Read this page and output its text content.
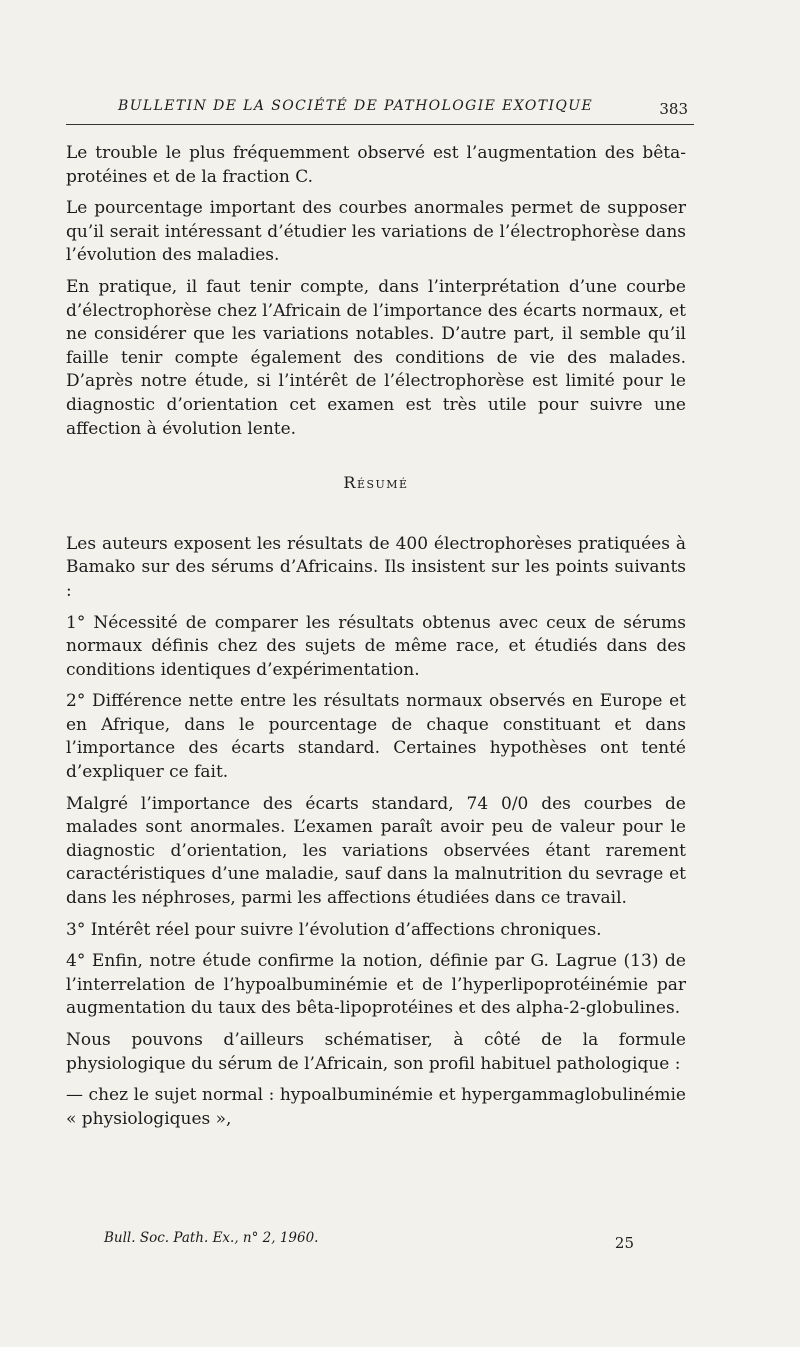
BULLETIN DE LA SOCIÉTÉ DE PATHOLOGIE EXOTIQUE	383

Le trouble le plus fréquemment observé est l’augmentation des bêta-protéines et de la fraction C.

Le pourcentage important des courbes anormales permet de supposer qu’il serait intéressant d’étudier les variations de l’électrophorèse dans l’évolution des maladies.

En pratique, il faut tenir compte, dans l’interprétation d’une courbe d’électrophorèse chez l’Africain de l’importance des écarts normaux, et ne considérer que les variations notables. D’autre part, il semble qu’il faille tenir compte également des conditions de vie des malades. D’après notre étude, si l’intérêt de l’électrophorèse est limité pour le diagnostic d’orientation cet examen est très utile pour suivre une affection à évolution lente.

Résumé

Les auteurs exposent les résultats de 400 électrophorèses pratiquées à Bamako sur des sérums d’Africains. Ils insistent sur les points suivants :

1° Nécessité de comparer les résultats obtenus avec ceux de sérums normaux définis chez des sujets de même race, et étudiés dans des conditions identiques d’expérimentation.

2° Différence nette entre les résultats normaux observés en Europe et en Afrique, dans le pourcentage de chaque constituant et dans l’importance des écarts standard. Certaines hypothèses ont tenté d’expliquer ce fait.

Malgré l’importance des écarts standard, 74 0/0 des courbes de malades sont anormales. L’examen paraît avoir peu de valeur pour le diagnostic d’orientation, les variations observées étant rarement caractéristiques d’une maladie, sauf dans la malnutrition du sevrage et dans les néphroses, parmi les affections étudiées dans ce travail.

3° Intérêt réel pour suivre l’évolution d’affections chroniques.

4° Enfin, notre étude confirme la notion, définie par G. Lagrue (13) de l’interrelation de l’hypoalbuminémie et de l’hyperlipoprotéinémie par augmentation du taux des bêta-lipoprotéines et des alpha-2-globulines.

Nous pouvons d’ailleurs schématiser, à côté de la formule physiologique du sérum de l’Africain, son profil habituel pathologique :

— chez le sujet normal : hypoalbuminémie et hypergammaglobulinémie « physiologiques »,

Bull. Soc. Path. Ex., n° 2, 1960.	25
